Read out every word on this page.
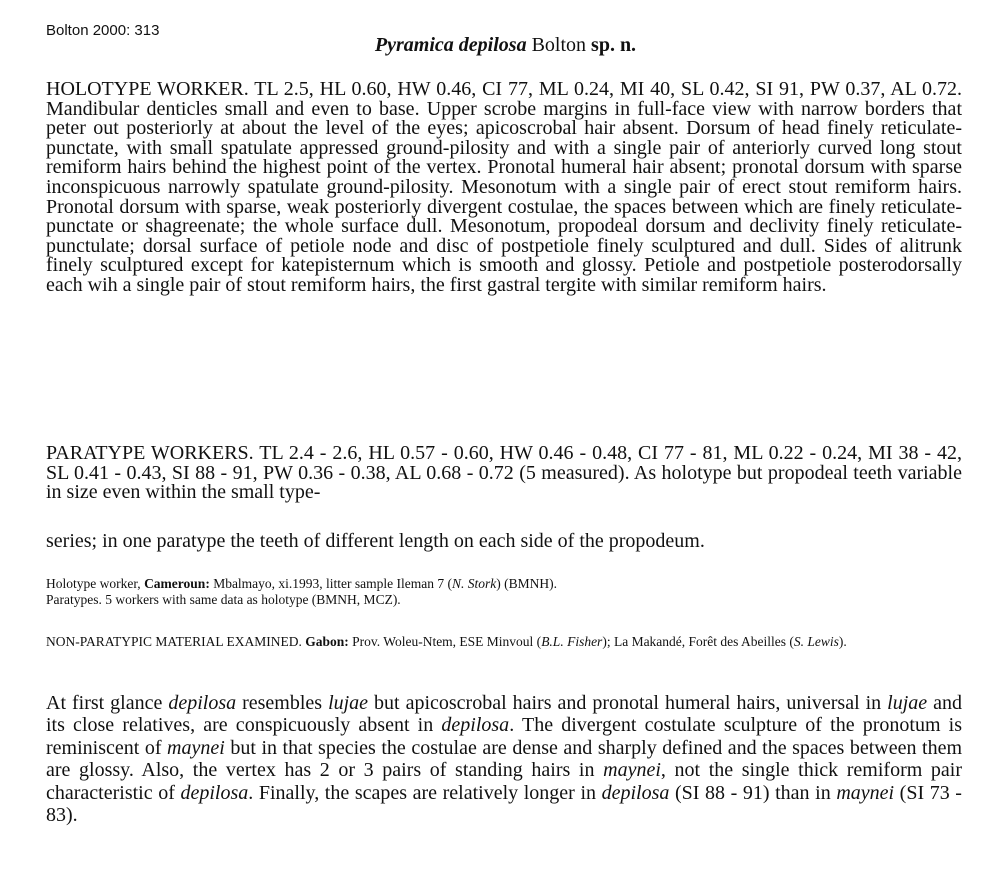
Bolton 2000: 313
Pyramica depilosa Bolton sp. n.
HOLOTYPE WORKER. TL 2.5, HL 0.60, HW 0.46, CI 77, ML 0.24, MI 40, SL 0.42, SI 91, PW 0.37, AL 0.72. Mandibular denticles small and even to base. Upper scrobe margins in full-face view with narrow borders that peter out posteriorly at about the level of the eyes; apicoscrobal hair absent. Dorsum of head finely reticulate-punctate, with small spatulate appressed ground-pilosity and with a single pair of anteriorly curved long stout remiform hairs behind the highest point of the vertex. Pronotal humeral hair absent; pronotal dorsum with sparse inconspicuous narrowly spatulate ground-pilosity. Mesonotum with a single pair of erect stout remiform hairs. Pronotal dorsum with sparse, weak posteriorly divergent costulae, the spaces between which are finely reticulate-punctate or shagreenate; the whole surface dull. Mesonotum, propodeal dorsum and declivity finely reticulate-punctulate; dorsal surface of petiole node and disc of postpetiole finely sculptured and dull. Sides of alitrunk finely sculptured except for katepisternum which is smooth and glossy. Petiole and postpetiole posterodorsally each wih a single pair of stout remiform hairs, the first gastral tergite with similar remiform hairs.
PARATYPE WORKERS. TL 2.4 - 2.6, HL 0.57 - 0.60, HW 0.46 - 0.48, CI 77 - 81, ML 0.22 - 0.24, MI 38 - 42, SL 0.41 - 0.43, SI 88 - 91, PW 0.36 - 0.38, AL 0.68 - 0.72 (5 measured). As holotype but propodeal teeth variable in size even within the small type-
series; in one paratype the teeth of different length on each side of the propodeum.
Holotype worker, Cameroun: Mbalmayo, xi.1993, litter sample Ileman 7 (N. Stork) (BMNH).
Paratypes. 5 workers with same data as holotype (BMNH, MCZ).
NON-PARATYPIC MATERIAL EXAMINED. Gabon: Prov. Woleu-Ntem, ESE Minvoul (B.L. Fisher); La Makandé, Forêt des Abeilles (S. Lewis).
At first glance depilosa resembles lujae but apicoscrobal hairs and pronotal humeral hairs, universal in lujae and its close relatives, are conspicuously absent in depilosa. The divergent costulate sculpture of the pronotum is reminiscent of maynei but in that species the costulae are dense and sharply defined and the spaces between them are glossy. Also, the vertex has 2 or 3 pairs of standing hairs in maynei, not the single thick remiform pair characteristic of depilosa. Finally, the scapes are relatively longer in depilosa (SI 88 - 91) than in maynei (SI 73 - 83).
